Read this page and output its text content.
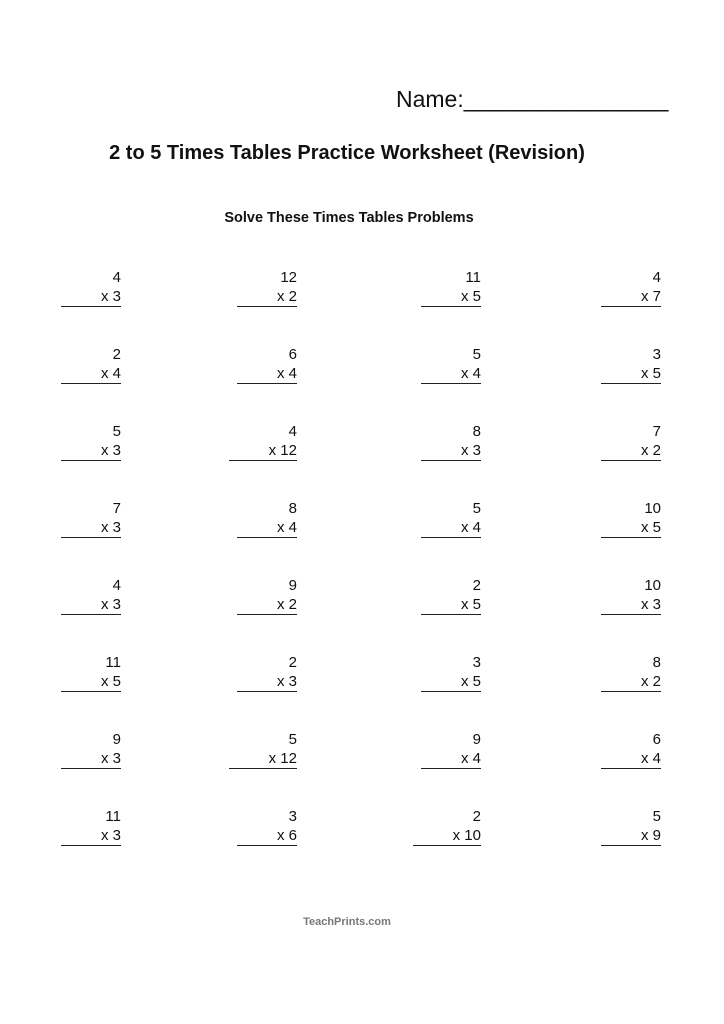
Name:________________
2 to 5 Times Tables Practice Worksheet (Revision)
Solve These Times Tables Problems
4
x 3
12
x 2
11
x 5
4
x 7
2
x 4
6
x 4
5
x 4
3
x 5
5
x 3
4
x 12
8
x 3
7
x 2
7
x 3
8
x 4
5
x 4
10
x 5
4
x 3
9
x 2
2
x 5
10
x 3
11
x 5
2
x 3
3
x 5
8
x 2
9
x 3
5
x 12
9
x 4
6
x 4
11
x 3
3
x 6
2
x 10
5
x 9
TeachPrints.com
